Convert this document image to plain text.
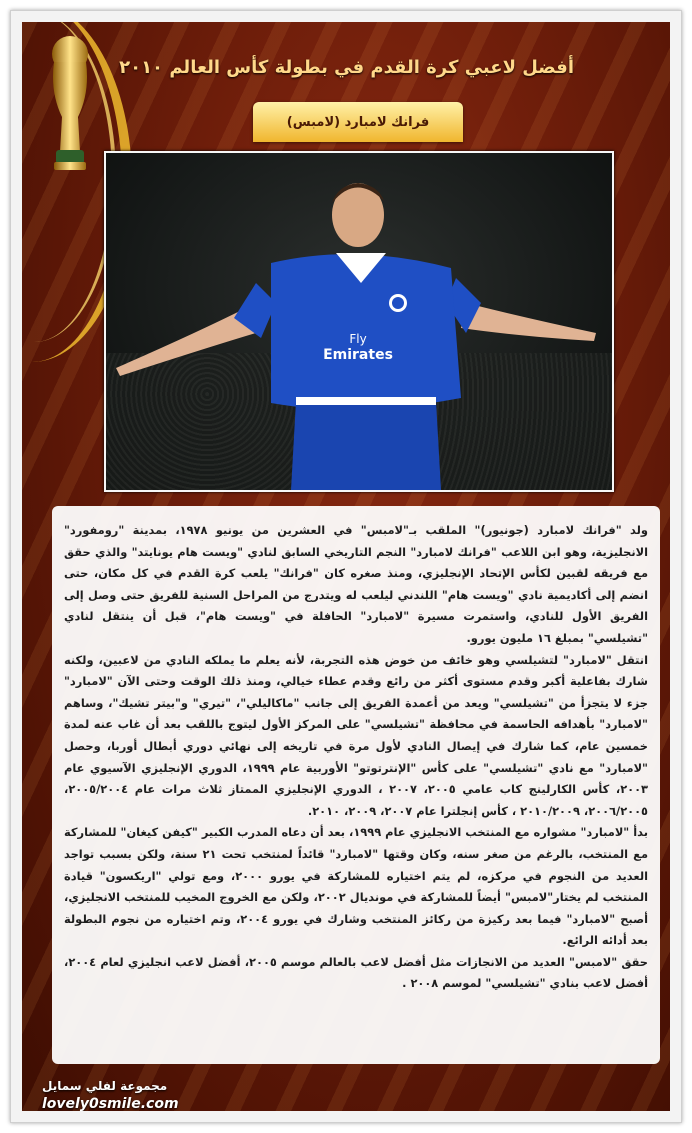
أفضل لاعبي كرة القدم في بطولة كأس العالم ٢٠١٠
فرانك لامبارد (لامبس)
Fly
Emirates

ولد "فرانك لامبارد (جونيور)" الملقب بـ"لامبس" في العشرين من يونيو ١٩٧٨، بمدينة "رومفورد" الانجليزية، وهو ابن اللاعب "فرانك لامبارد" النجم التاريخي السابق لنادي "ويست هام يونايتد" والذي حقق مع فريقه لقبين لكأس الإتحاد الإنجليزي، ومنذ صغره كان "فرانك" يلعب كرة القدم في كل مكان، حتى انضم إلى أكاديمية نادي "ويست هام" اللندني ليلعب له ويتدرج من المراحل السنية للفريق حتى وصل إلى الفريق الأول للنادي، واستمرت مسيرة "لامبارد" الحافلة في "ويست هام"، قبل أن ينتقل لنادي "تشيلسي" بمبلغ ١٦ مليون يورو.

انتقل "لامبارد" لتشيلسي وهو خائف من خوض هذه التجربة، لأنه يعلم ما يملكه النادي من لاعبين، ولكنه شارك بفاعلية أكبر وقدم مستوى أكثر من رائع وقدم عطاء خيالي، ومنذ ذلك الوقت وحتى الآن "لامبارد" جزء لا يتجزأ من "تشيلسي" ويعد من أعمدة الفريق إلى جانب "ماكاليلي"، "تيري" و"بيتر تشيك"، وساهم "لامبارد" بأهدافه الحاسمة في محافظة "تشيلسي" على المركز الأول ليتوج باللقب بعد أن غاب عنه لمدة خمسين عام، كما شارك في إيصال النادي لأول مرة في تاريخه إلى نهائي دوري أبطال أوربا، وحصل "لامبارد" مع نادي "تشيلسي" على كأس "الإنترتوتو" الأوربية عام ١٩٩٩، الدوري الإنجليزي الآسيوي عام ٢٠٠٣، كأس الكارلينج كاب عامي ٢٠٠٥، ٢٠٠٧ ، الدوري الإنجليزي الممتاز ثلاث مرات عام ٢٠٠٥/٢٠٠٤، ٢٠٠٦/٢٠٠٥، ٢٠١٠/٢٠٠٩ ، كأس إنجلترا عام ٢٠٠٧، ٢٠٠٩، ٢٠١٠.

بدأ "لامبارد" مشواره مع المنتخب الانجليزي عام ١٩٩٩، بعد أن دعاه المدرب الكبير "كيفن كيغان" للمشاركة مع المنتخب، بالرغم من صغر سنه، وكان وقتها "لامبارد" قائداً لمنتخب تحت ٢١ سنة، ولكن بسبب تواجد العديد من النجوم في مركزه، لم يتم اختياره للمشاركة في يورو ٢٠٠٠، ومع تولي "اريكسون" قيادة المنتخب لم يختار"لامبس" أيضاً للمشاركة في مونديال ٢٠٠٢، ولكن مع الخروج المخيب للمنتخب الانجليزي، أصبح "لامبارد" فيما بعد ركيزة من ركائز المنتخب وشارك في يورو ٢٠٠٤، وتم اختياره من نجوم البطولة بعد أدائه الرائع.

حقق "لامبس" العديد من الانجازات مثل أفضل لاعب بالعالم موسم ٢٠٠٥، أفضل لاعب انجليزي لعام ٢٠٠٤، أفضل لاعب بنادي "تشيلسي" لموسم ٢٠٠٨ .

مجموعة لفلي سمايل
lovely0smile.com
